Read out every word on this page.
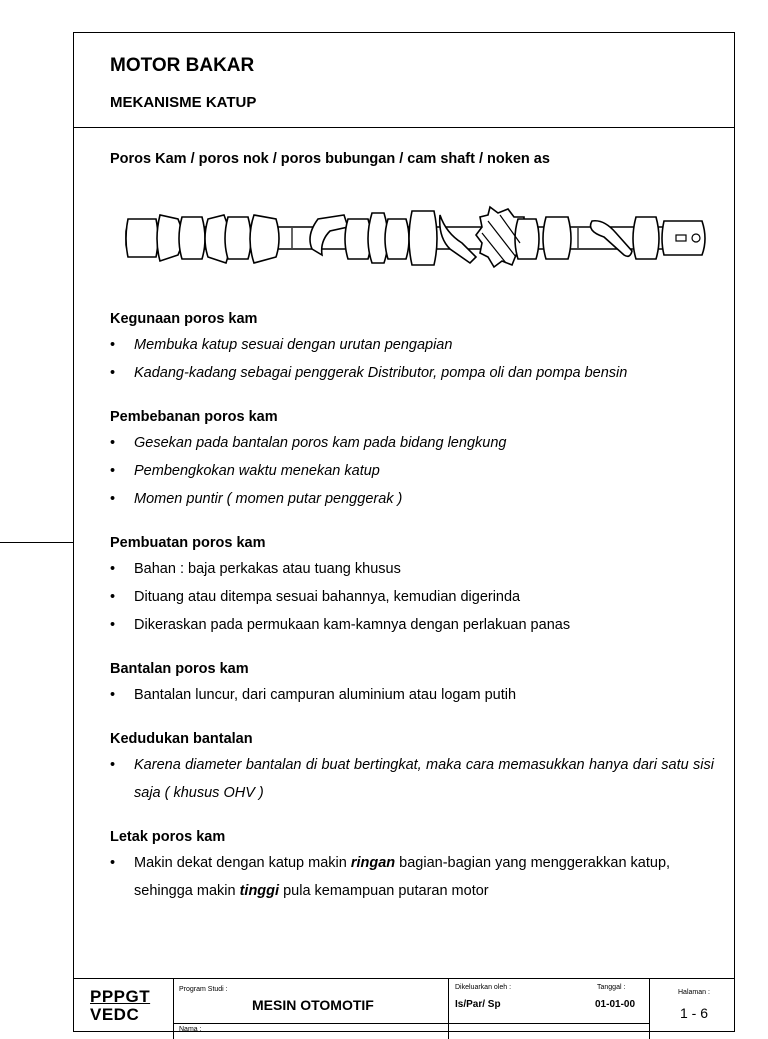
MOTOR BAKAR
MEKANISME KATUP

Poros Kam / poros nok / poros bubungan / cam shaft / noken as

Kegunaan poros kam
• Membuka katup sesuai dengan urutan pengapian
• Kadang-kadang sebagai penggerak Distributor, pompa oli dan pompa bensin
Pembebanan poros kam
• Gesekan pada bantalan poros kam pada bidang lengkung
• Pembengkokan waktu menekan katup
• Momen puntir ( momen putar penggerak )
Pembuatan poros kam
• Bahan : baja perkakas atau tuang khusus
• Dituang atau ditempa sesuai bahannya, kemudian digerinda
• Dikeraskan pada permukaan kam-kamnya dengan perlakuan panas
Bantalan poros kam
• Bantalan luncur, dari campuran aluminium atau logam putih
Kedudukan bantalan
• Karena diameter bantalan di buat bertingkat, maka cara memasukkan hanya dari satu sisi saja ( khusus OHV )
Letak poros kam
• Makin dekat dengan katup makin ringan bagian-bagian yang menggerakkan katup, sehingga makin tinggi pula kemampuan putaran motor
PPPGT
VEDC
Program Studi :
MESIN OTOMOTIF
Nama :
Dikeluarkan oleh :
Is/Par/ Sp
Tanggal :
01-01-00
Halaman :
1 - 6
